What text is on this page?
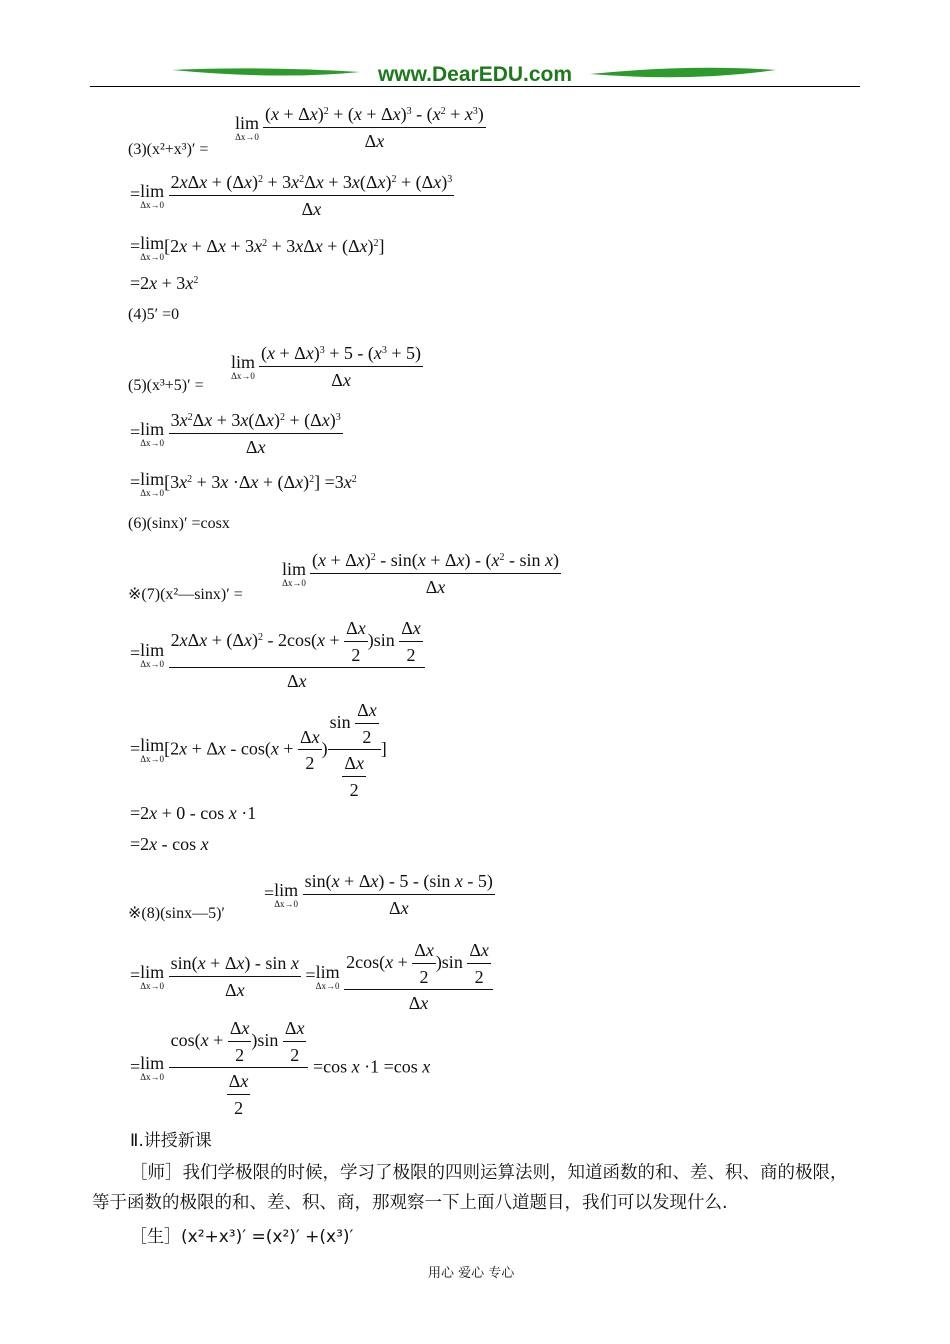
www.DearEDU.com
lim
Δx→0
$\frac{(x + \Delta x)^2 + (x + \Delta x)^3 - (x^2 + x^3)}{\Delta x}$
(3)(x²+x³)′ =
= lim
Δx→0
$\frac{2x\Delta x + (\Delta x)^2 + 3x^2\Delta x + 3x(\Delta x)^2 + (\Delta x)^3}{\Delta x}$
= lim
Δx→0
$[2x + \Delta x + 3x^2 + 3x\Delta x + (\Delta x)^2]$
$=2x + 3x^2$
(4)5′ =0
lim
Δx→0
$\frac{(x + \Delta x)^3 + 5 - (x^3 + 5)}{\Delta x}$
(5)(x³+5)′ =
= lim
Δx→0
$\frac{3x^2\Delta x + 3x(\Delta x)^2 + (\Delta x)^3}{\Delta x}$
= lim
Δx→0
$[3x^2 + 3x \cdot\Delta x + (\Delta x)^2] =3x^2$
(6)(sinx)′ =cosx
lim
Δx→0
$\frac{(x + \Delta x)^2 - \sin(x + \Delta x) - (x^2 - \sin x)}{\Delta x}$
※(7)(x²—sinx)′ =
= lim
Δx→0
$\frac{2x\Delta x + (\Delta x)^2 - 2\cos(x + \frac{\Delta x}{2} )\sin \frac{\Delta x}{2}}{\Delta x}$
= lim
Δx→0
[$2x + \Delta x - \cos(x + \frac{\Delta x}{2}$ ) $\frac{\sin \frac{\Delta x}{2}}{\frac{\Delta x}{2}}$ ]
=2x + 0 - cos x ·1
=2x - cos x
= lim
Δx→0
$\frac{\text{sin(x + Δx) - 5 - (sin x - 5)}}{\Delta x}$
※(8)(sinx—5)′
= lim
Δx→0
$\frac{\text{sin(x + Δx) - sin x}}{\Delta x} = \lim$
Δx→0
$\frac{2\cos(x + \frac{\Delta x}{2} )\sin \frac{\Delta x}{2}}{\Delta x}$
= lim
Δx→0
$\frac{\cos(x + \frac{\Delta x}{2} )\sin \frac{\Delta x}{2}}{\frac{\Delta x}{2}} =\cos$ x ·1 =cos x
Ⅱ.讲授新课
［师］我们学极限的时候，学习了极限的四则运算法则，知道函数的和、差、积、商的极限，等于函数的极限的和、差、积、商，那观察一下上面八道题目，我们可以发现什么.
［生］(x²+x³)′ =(x²)′ +(x³)′
用心 爱心 专心
